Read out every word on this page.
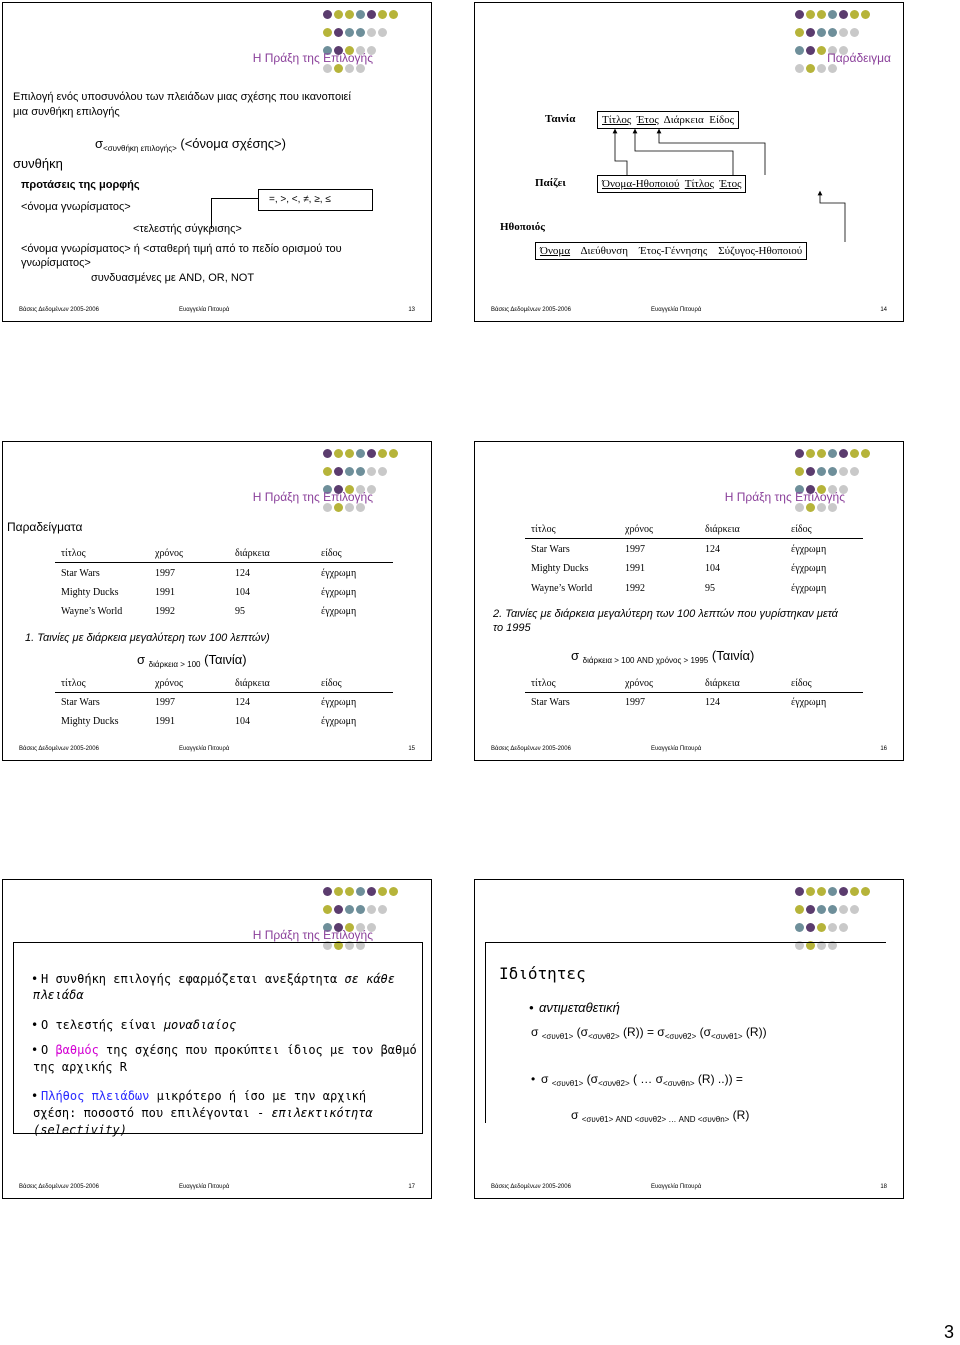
Η Πράξη της Επιλογής
Επιλογή ενός υποσυνόλου των πλειάδων μιας σχέσης που ικανοποιεί
μια συνθήκη επιλογής
$\sigma_{<\sigma\upsilon\nu\theta ή\kappa\eta \varepsilon\pi\iota\lambda o\gamma ή\varsigma>}$ (<όνομα σχέσης>)
συνθήκη
προτάσεις της μορφής
<όνομα γνωρίσματος>
=, >, <, ≠, ≥, ≤
<τελεστής σύγκρισης>
<όνομα γνωρίσματος> ή <σταθερή τιμή από το πεδίο ορισμού του
γνωρίσματος>
συνδυασμένες με AND, OR, NOT
Βάσεις Δεδομένων 2005-2006	Ευαγγελία Πιτουρά	13

Παράδειγμα
Ταινία	Τίτλος Έτος Διάρκεια Είδος
Παίζει	Όνομα-Ηθοποιού Τίτλος Έτος
Ηθοποιός
Όνομα Διεύθυνση Έτος-Γέννησης Σύζυγος-Ηθοποιού
Βάσεις Δεδομένων 2005-2006	Ευαγγελία Πιτουρά	14

Η Πράξη της Επιλογής
Παραδείγματα
τίτλος	χρόνος	διάρκεια	είδος
Star Wars	1997	124	έγχρωμη
Mighty Ducks	1991	104	έγχρωμη
Wayne’s World	1992	95	έγχρωμη
1. Ταινίες με διάρκεια μεγαλύτερη των 100 λεπτών)
σ $_{\delta\iota ά\rho\kappa\varepsilon\iota\alpha > 100}$ (Ταινία)
τίτλος	χρόνος	διάρκεια	είδος
Star Wars	1997	124	έγχρωμη
Mighty Ducks	1991	104	έγχρωμη
Βάσεις Δεδομένων 2005-2006	Ευαγγελία Πιτουρά	15

Η Πράξη της Επιλογής
τίτλος	χρόνος	διάρκεια	είδος
Star Wars	1997	124	έγχρωμη
Mighty Ducks	1991	104	έγχρωμη
Wayne’s World	1992	95	έγχρωμη
2. Ταινίες με διάρκεια μεγαλύτερη των 100 λεπτών που γυρίστηκαν μετά
το 1995
σ $_{\delta\iota ά\rho\kappa\varepsilon\iota\alpha > 100 AND \chi\rho ό\nu o\varsigma > 1995}$ (Ταινία)
τίτλος	χρόνος	διάρκεια	είδος
Star Wars	1997	124	έγχρωμη
Βάσεις Δεδομένων 2005-2006	Ευαγγελία Πιτουρά	16

Η Πράξη της Επιλογής
• Η συνθήκη επιλογής εφαρμόζεται ανεξάρτητα σε κάθε
πλειάδα
• Ο τελεστής είναι μοναδιαίος
• Ο βαθμός της σχέσης που προκύπτει ίδιος με τον βαθμό
της αρχικής R
• Πλήθος πλειάδων μικρότερο ή ίσο με την αρχική
σχέση: ποσοστό που επιλέγονται - επιλεκτικότητα
(selectivity)
Βάσεις Δεδομένων 2005-2006	Ευαγγελία Πιτουρά	17

Ιδιότητες
• αντιμεταθετική
σ $_{<\sigma\upsilon\nu\theta 1>}$ ($\sigma_{<\sigma\upsilon\nu\theta 2>}$ $(R)) = \sigma_{<\sigma\upsilon\nu\theta 2>}$ ($\sigma_{<\sigma\upsilon\nu\theta 1>}$ (R))
• σ $_{<\sigma\upsilon\nu\theta 1>}$ ($\sigma_{<\sigma\upsilon\nu\theta 2>}$ ( … $\sigma_{<\sigma\upsilon\nu\theta n>}$ (R) ..)) =
σ $_{<\sigma\upsilon\nu\theta 1>}$ $_{AND <\sigma\upsilon\nu\theta 2> \dots AND <\sigma\upsilon\nu\theta n>}$ (R)
Βάσεις Δεδομένων 2005-2006	Ευαγγελία Πιτουρά	18
3
